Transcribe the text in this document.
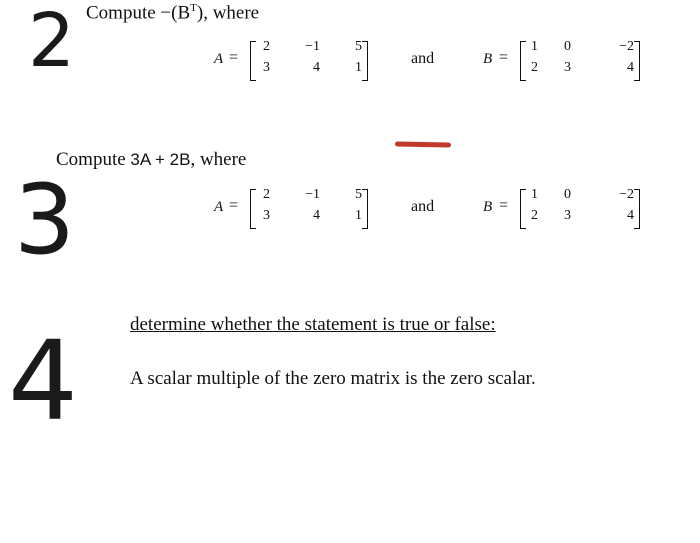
2 Compute $-(B^T)$, where
A =
2	−1	5
3	4	1
and	B =
1	0	−2
2	3	4
3
Compute 3A + 2B, where
A =
2	−1	5
3	4	1
and	B =
1	0	−2
2	3	4
4	determine whether the statement is true or false:
A scalar multiple of the zero matrix is the zero scalar.
